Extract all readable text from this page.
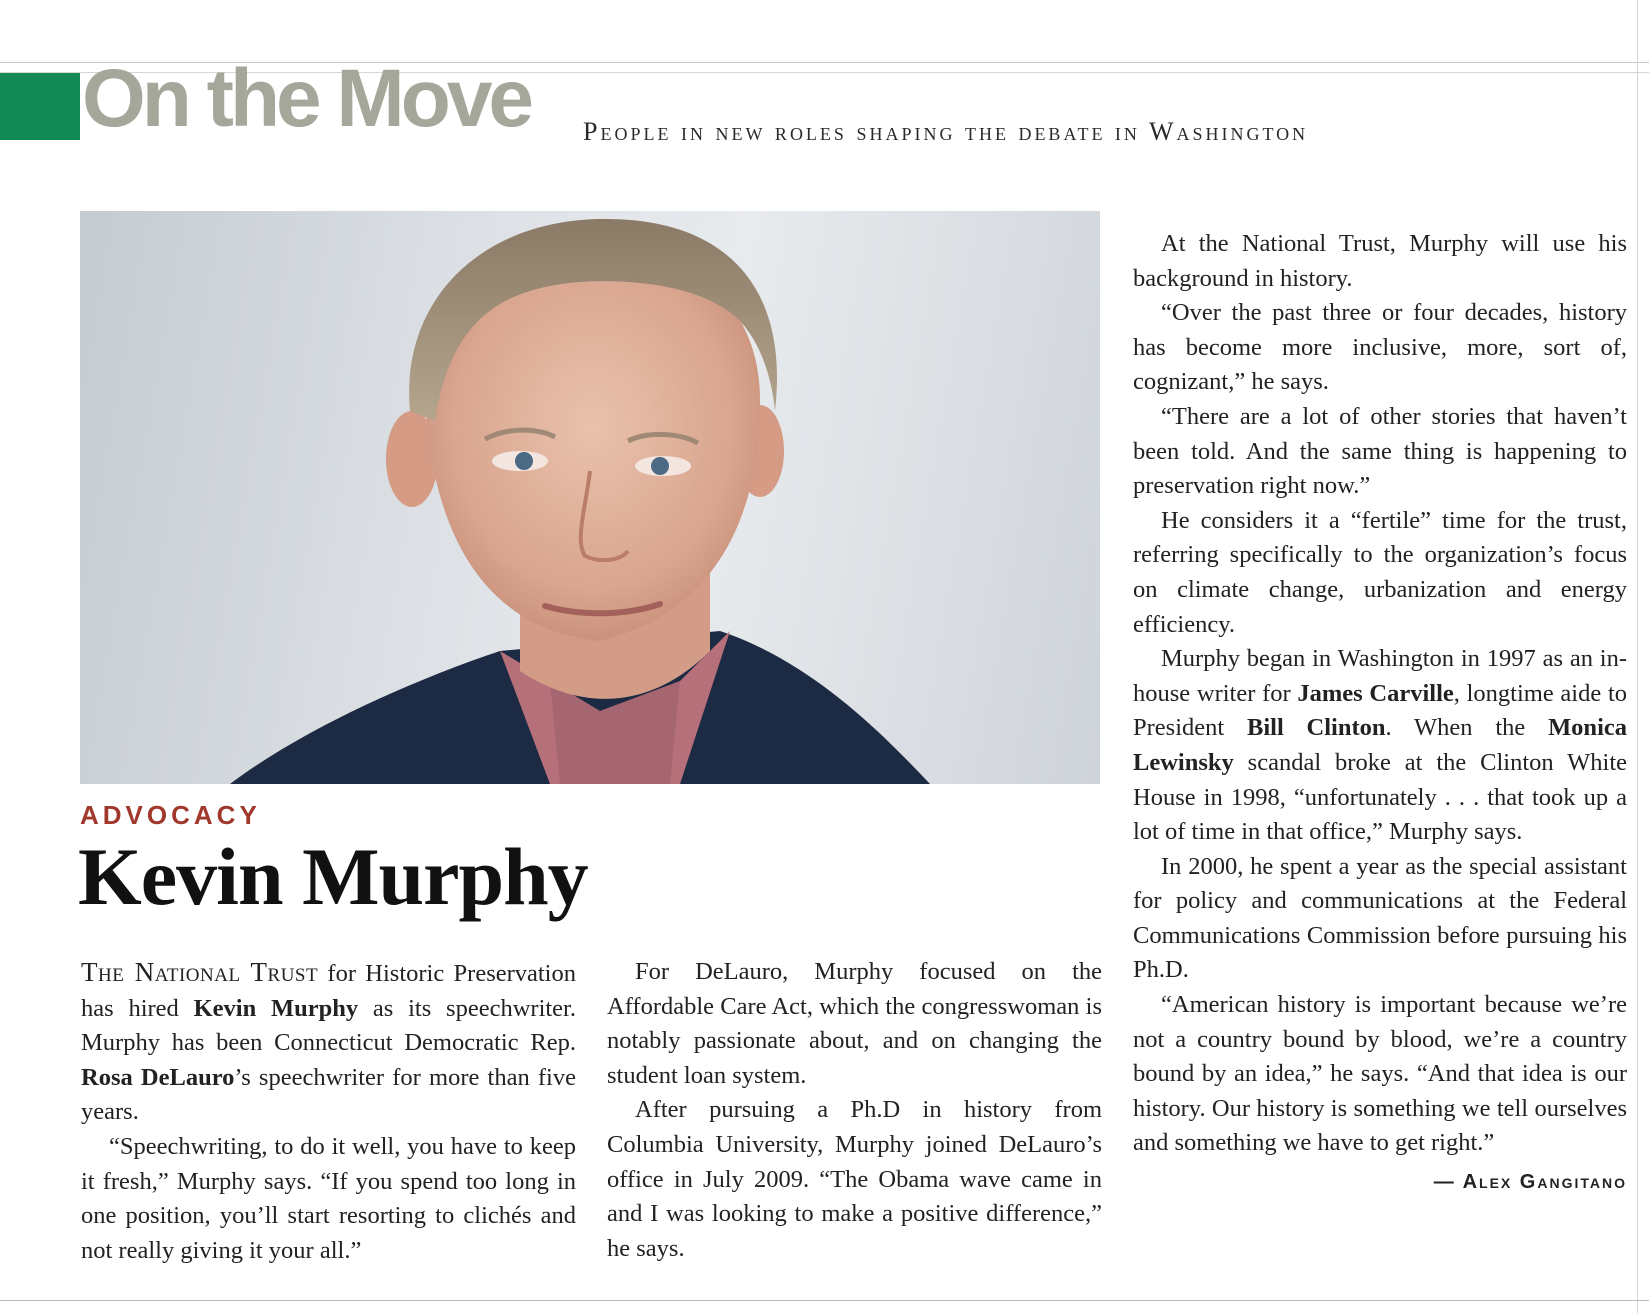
On the Move People in new roles shaping the debate in Washington
ADVOCACY
Kevin Murphy

The National Trust for Historic Preservation has hired Kevin Murphy as its speechwriter. Murphy has been Connecticut Democratic Rep. Rosa DeLauro’s speechwriter for more than five years.

“Speechwriting, to do it well, you have to keep it fresh,” Murphy says. “If you spend too long in one position, you’ll start resorting to clichés and not really giving it your all.”

For DeLauro, Murphy focused on the Affordable Care Act, which the congresswoman is notably passionate about, and on changing the student loan system.

After pursuing a Ph.D in history from Columbia University, Murphy joined DeLauro’s office in July 2009. “The Obama wave came in and I was looking to make a positive difference,” he says.

At the National Trust, Murphy will use his background in history.

“Over the past three or four decades, history has become more inclusive, more, sort of, cognizant,” he says.

“There are a lot of other stories that haven’t been told. And the same thing is happening to preservation right now.”

He considers it a “fertile” time for the trust, referring specifically to the organization’s focus on climate change, urbanization and energy efficiency.

Murphy began in Washington in 1997 as an in-house writer for James Carville, longtime aide to President Bill Clinton. When the Monica Lewinsky scandal broke at the Clinton White House in 1998, “unfortunately . . . that took up a lot of time in that office,” Murphy says.

In 2000, he spent a year as the special assistant for policy and communications at the Federal Communications Commission before pursuing his Ph.D.

“American history is important because we’re not a country bound by blood, we’re a country bound by an idea,” he says. “And that idea is our history. Our history is something we tell ourselves and something we have to get right.”

— Alex Gangitano
